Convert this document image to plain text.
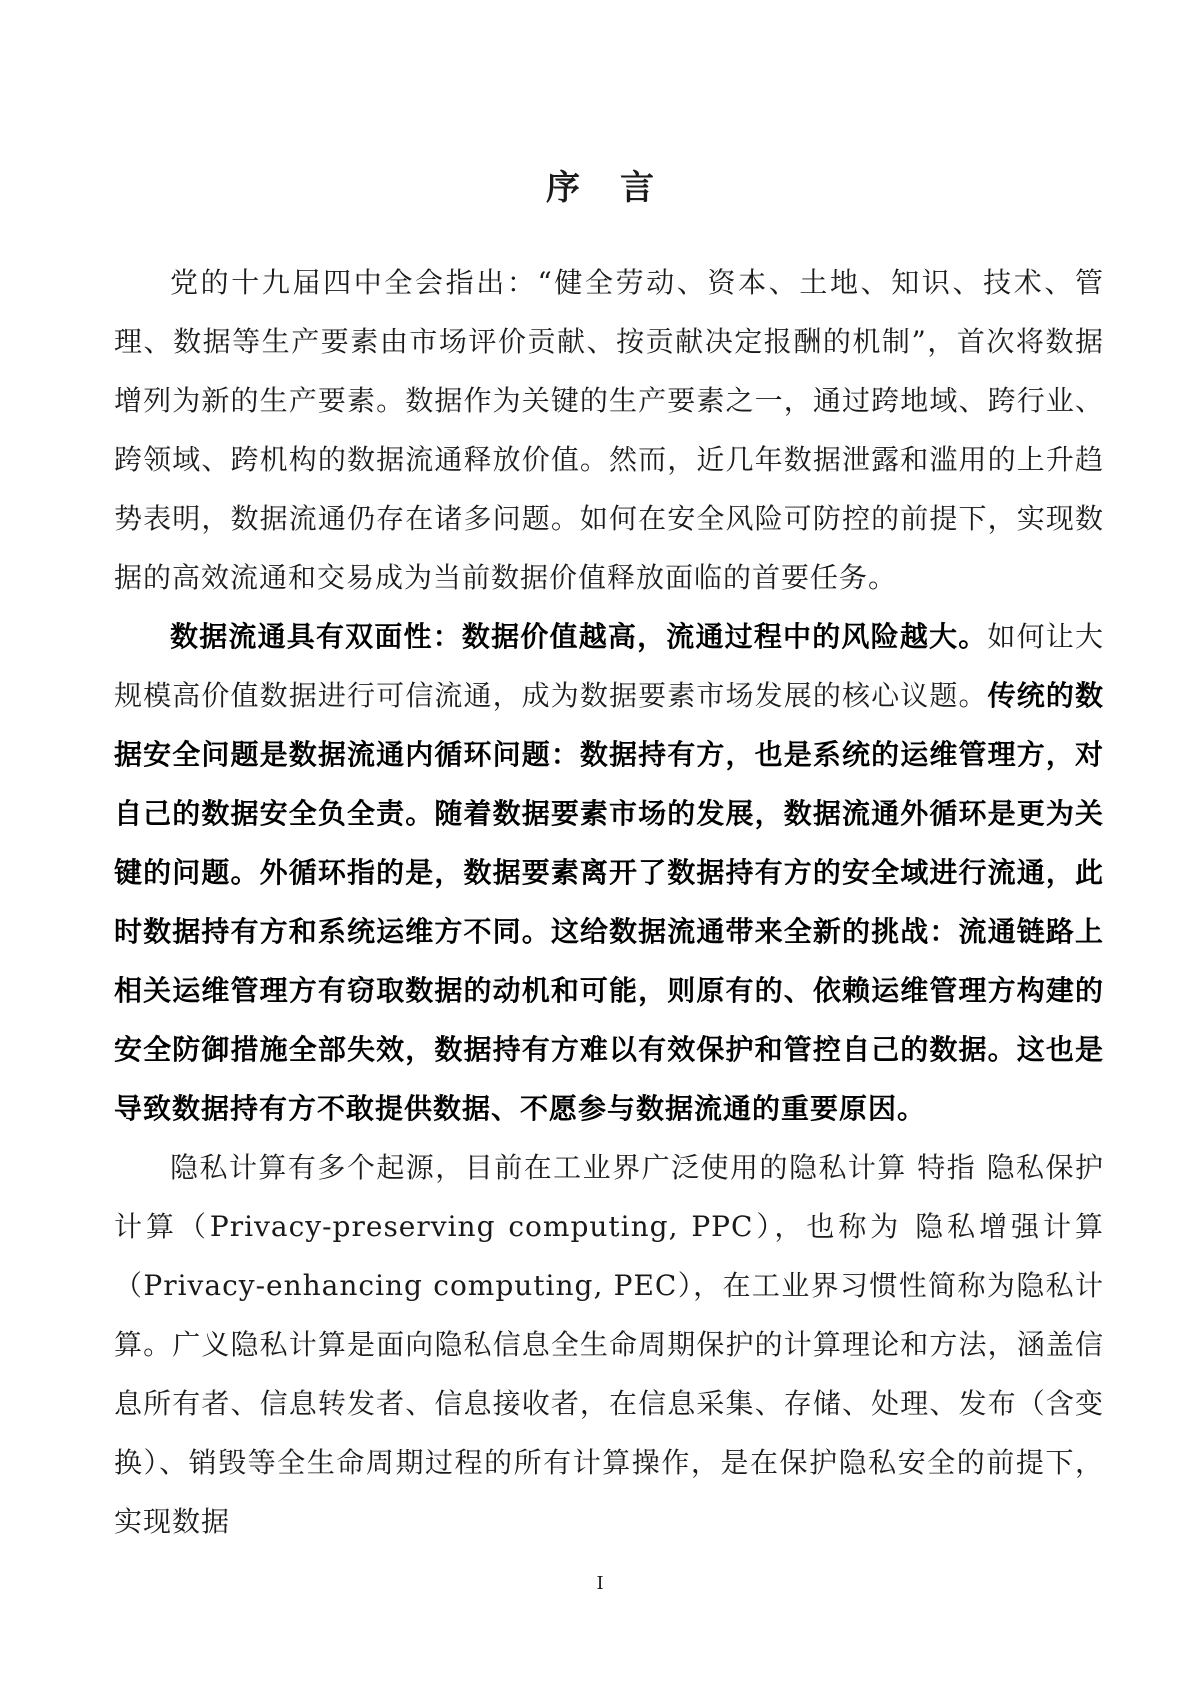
序言

党的十九届四中全会指出：“健全劳动、资本、土地、知识、技术、管理、数据等生产要素由市场评价贡献、按贡献决定报酬的机制”，首次将数据增列为新的生产要素。数据作为关键的生产要素之一，通过跨地域、跨行业、跨领域、跨机构的数据流通释放价值。然而，近几年数据泄露和滥用的上升趋势表明，数据流通仍存在诸多问题。如何在安全风险可防控的前提下，实现数据的高效流通和交易成为当前数据价值释放面临的首要任务。

数据流通具有双面性：数据价值越高，流通过程中的风险越大。如何让大规模高价值数据进行可信流通，成为数据要素市场发展的核心议题。传统的数据安全问题是数据流通内循环问题：数据持有方，也是系统的运维管理方，对自己的数据安全负全责。随着数据要素市场的发展，数据流通外循环是更为关键的问题。外循环指的是，数据要素离开了数据持有方的安全域进行流通，此时数据持有方和系统运维方不同。这给数据流通带来全新的挑战：流通链路上相关运维管理方有窃取数据的动机和可能，则原有的、依赖运维管理方构建的安全防御措施全部失效，数据持有方难以有效保护和管控自己的数据。这也是导致数据持有方不敢提供数据、不愿参与数据流通的重要原因。

隐私计算有多个起源，目前在工业界广泛使用的隐私计算 特指 隐私保护计算（Privacy-preserving computing, PPC），也称为 隐私增强计算（Privacy-enhancing computing, PEC），在工业界习惯性简称为隐私计算。广义隐私计算是面向隐私信息全生命周期保护的计算理论和方法，涵盖信息所有者、信息转发者、信息接收者，在信息采集、存储、处理、发布（含变换）、销毁等全生命周期过程的所有计算操作，是在保护隐私安全的前提下，实现数据

I
